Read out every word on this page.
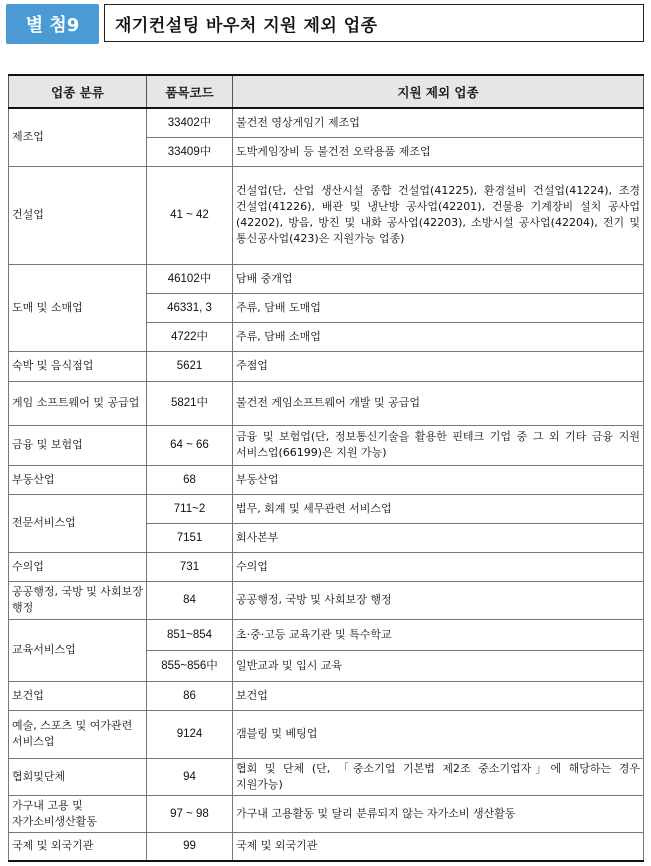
별 첨9	재기컨설팅 바우처 지원 제외 업종
업종 분류	품목코드	지원 제외 업종
제조업	33402中	불건전 영상게임기 제조업
	33409中	도박게임장비 등 불건전 오락용품 제조업
건설업	41 ~ 42	건설업(단, 산업 생산시설 종합 건설업(41225), 환경설비 건설업(41224), 조경 건설업(41226), 배관 및 냉난방 공사업(42201), 건물용 기계장비 설치 공사업(42202), 방음, 방진 및 내화 공사업(42203), 소방시설 공사업(42204), 전기 및 통신공사업(423)은 지원가능 업종)
도매 및 소매업	46102中	담배 중개업
	46331, 3	주류, 담배 도매업
	4722中	주류, 담배 소매업
숙박 및 음식점업	5621	주점업
게임 소프트웨어 및 공급업	5821中	불건전 게임소프트웨어 개발 및 공급업
금융 및 보험업	64 ~ 66	금융 및 보험업(단, 정보통신기술을 활용한 핀테크 기업 중 그 외 기타 금융 지원 서비스업(66199)은 지원 가능)
부동산업	68	부동산업
전문서비스업	711~2	법무, 회계 및 세무관련 서비스업
	7151	회사본부
수의업	731	수의업
공공행정, 국방 및 사회보장 행정	84	공공행정, 국방 및 사회보장 행정
교육서비스업	851~854	초·중·고등 교육기관 및 특수학교
	855~856中	일반교과 및 입시 교육
보건업	86	보건업
예술, 스포츠 및 여가관련 서비스업	9124	갬블링 및 베팅업
협회및단체	94	협회 및 단체 (단, 「중소기업 기본법 제2조 중소기업자」에 해당하는 경우 지원가능)
가구내 고용 및 자가소비생산활동	97 ~ 98	가구내 고용활동 및 달리 분류되지 않는 자가소비 생산활동
국제 및 외국기관	99	국제 및 외국기관
